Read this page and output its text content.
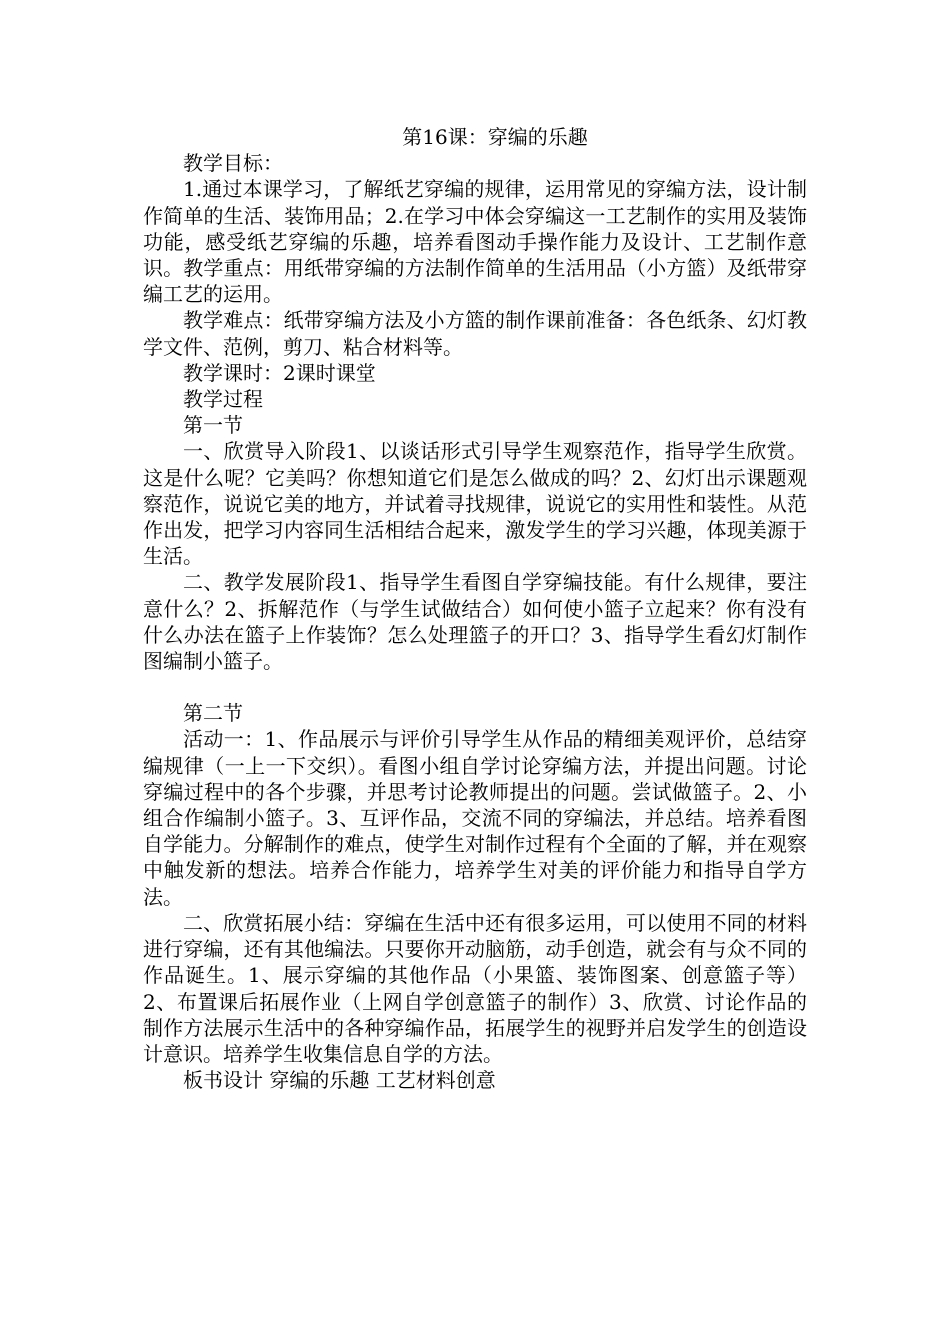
第16课：穿编的乐趣
教学目标：
1.通过本课学习，了解纸艺穿编的规律，运用常见的穿编方法，设计制作简单的生活、装饰用品；2.在学习中体会穿编这一工艺制作的实用及装饰功能，感受纸艺穿编的乐趣，培养看图动手操作能力及设计、工艺制作意识。教学重点：用纸带穿编的方法制作简单的生活用品（小方篮）及纸带穿编工艺的运用。
教学难点：纸带穿编方法及小方篮的制作课前准备：各色纸条、幻灯教学文件、范例，剪刀、粘合材料等。
教学课时：2课时课堂
教学过程
第一节
一、欣赏导入阶段1、以谈话形式引导学生观察范作，指导学生欣赏。这是什么呢？它美吗？你想知道它们是怎么做成的吗？2、幻灯出示课题观察范作，说说它美的地方，并试着寻找规律，说说它的实用性和装性。从范作出发，把学习内容同生活相结合起来，激发学生的学习兴趣，体现美源于生活。
二、教学发展阶段1、指导学生看图自学穿编技能。有什么规律，要注意什么？2、拆解范作（与学生试做结合）如何使小篮子立起来？你有没有什么办法在篮子上作装饰？怎么处理篮子的开口？3、指导学生看幻灯制作图编制小篮子。
第二节
活动一：1、作品展示与评价引导学生从作品的精细美观评价，总结穿编规律（一上一下交织）。看图小组自学讨论穿编方法，并提出问题。讨论穿编过程中的各个步骤，并思考讨论教师提出的问题。尝试做篮子。2、小组合作编制小篮子。3、互评作品，交流不同的穿编法，并总结。培养看图自学能力。分解制作的难点，使学生对制作过程有个全面的了解，并在观察中触发新的想法。培养合作能力，培养学生对美的评价能力和指导自学方法。
二、欣赏拓展小结：穿编在生活中还有很多运用，可以使用不同的材料进行穿编，还有其他编法。只要你开动脑筋，动手创造，就会有与众不同的作品诞生。1、展示穿编的其他作品（小果篮、装饰图案、创意篮子等）2、布置课后拓展作业（上网自学创意篮子的制作）3、欣赏、讨论作品的制作方法展示生活中的各种穿编作品，拓展学生的视野并启发学生的创造设计意识。培养学生收集信息自学的方法。
板书设计 穿编的乐趣 工艺材料创意
